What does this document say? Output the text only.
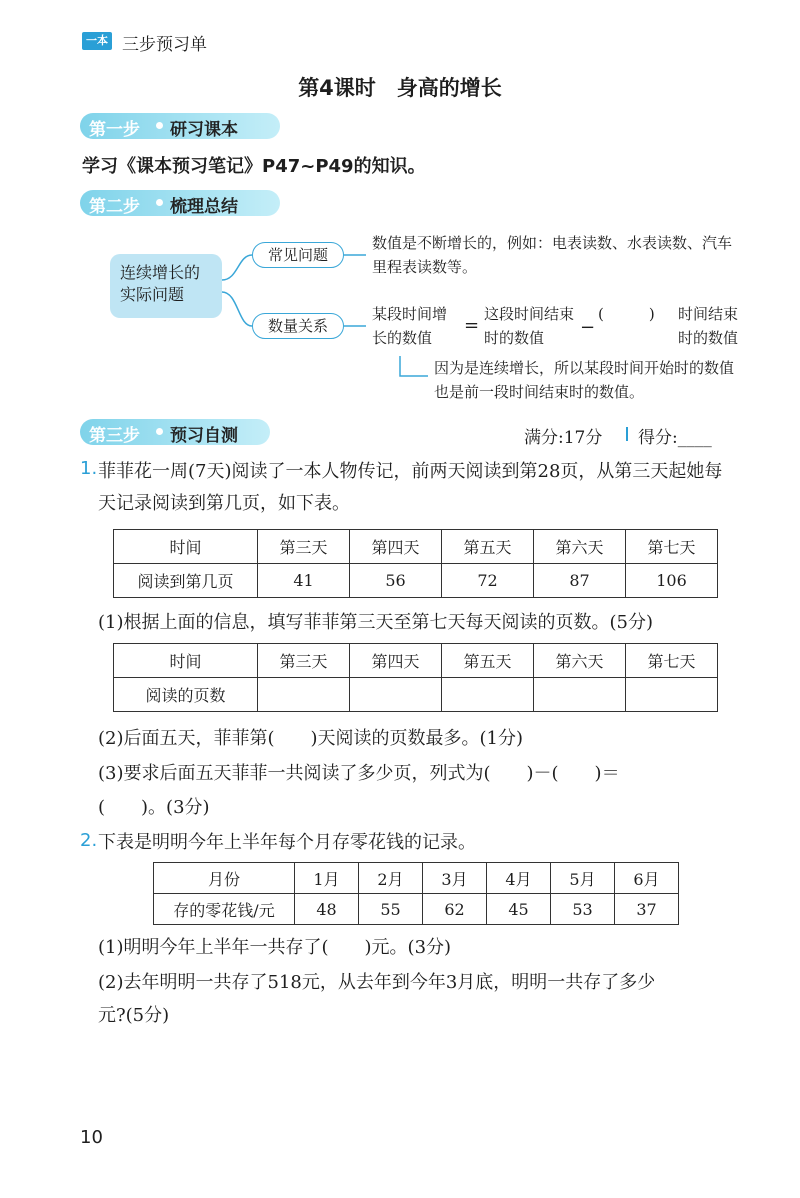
一本 三步预习单
第4课时　身高的增长
第一步 研习课本
学习《课本预习笔记》P47~P49的知识。
第二步 梳理总结
连续增长的实际问题
常见问题
数量关系
数值是不断增长的，例如：电表读数、水表读数、汽车里程表读数等。
某段时间增长的数值
=
这段时间结束时的数值	−
(　　　) 时间结束时的数值
因为是连续增长，所以某段时间开始时的数值也是前一段时间结束时的数值。
第三步 预习自测	满分:17分 得分:____
1. 菲菲花一周(7天)阅读了一本人物传记，前两天阅读到第28页，从第三天起她每天记录阅读到第几页，如下表。
时间	第三天	第四天	第五天	第六天	第七天
阅读到第几页	41	56	72	87	106
(1)根据上面的信息，填写菲菲第三天至第七天每天阅读的页数。(5分)
时间	第三天	第四天	第五天	第六天	第七天
阅读的页数					
(2)后面五天，菲菲第(　　)天阅读的页数最多。(1分)
(3)要求后面五天菲菲一共阅读了多少页，列式为(　　)－(　　)＝
(　　)。(3分)
2. 下表是明明今年上半年每个月存零花钱的记录。
月份	1月	2月	3月	4月	5月	6月
存的零花钱/元	48	55	62	45	53	37
(1)明明今年上半年一共存了(　　)元。(3分)
(2)去年明明一共存了518元，从去年到今年3月底，明明一共存了多少
元?(5分)
10
